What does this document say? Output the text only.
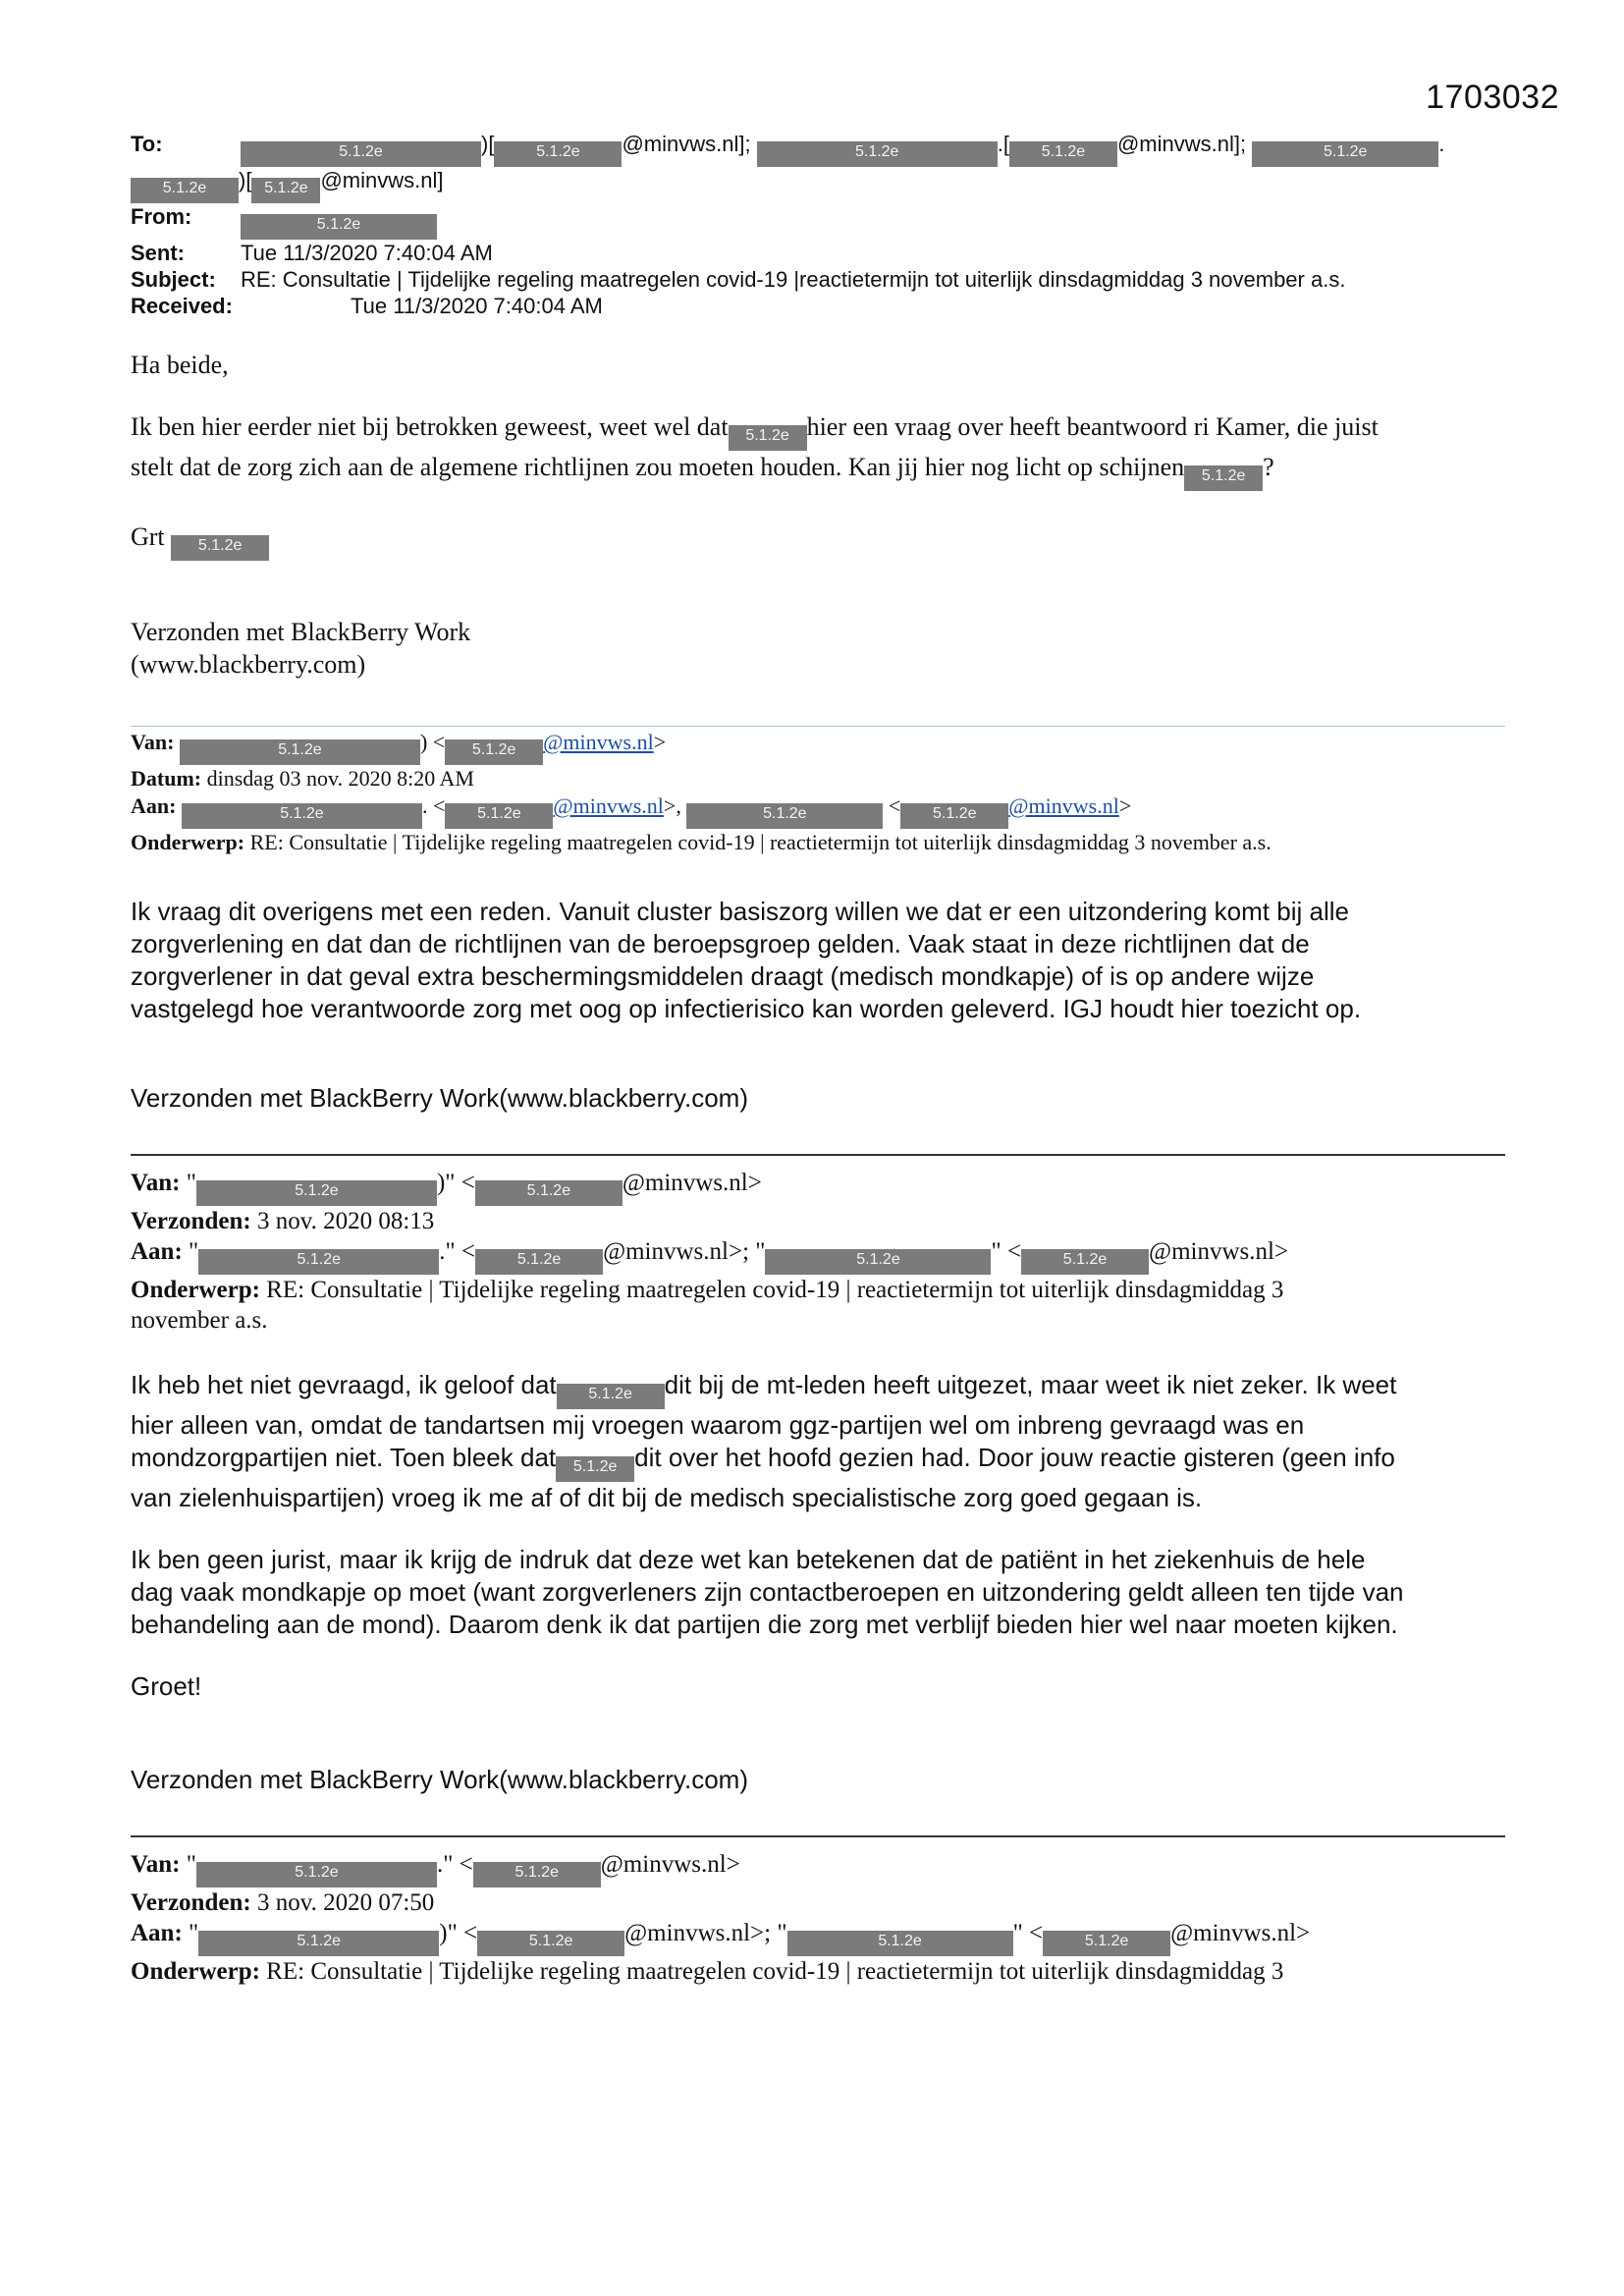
1703032
To:	5.1.2e	)[	5.1.2e @minvws.nl];	5.1.2e	.[ 5.1.2e @minvws.nl];	5.1.2e	.
5.1.2e )[ 5.1.2e @minvws.nl]
From:	5.1.2e
Sent:	Tue 11/3/2020 7:40:04 AM
Subject: RE: Consultatie | Tijdelijke regeling maatregelen covid-19 |reactietermijn tot uiterlijk dinsdagmiddag 3 november a.s.
Received:	Tue 11/3/2020 7:40:04 AM

Ha beide,

Ik ben hier eerder niet bij betrokken geweest, weet wel dat 5.1.2e hier een vraag over heeft beantwoord ri Kamer, die juist
stelt dat de zorg zich aan de algemene richtlijnen zou moeten houden. Kan jij hier nog licht op schijnen 5.1.2e ?

Grt 5.1.2e

Verzonden met BlackBerry Work

(www.blackberry.com)

Van:	5.1.2e	) < 5.1.2e @minvws.nl>
Datum: dinsdag 03 nov. 2020 8:20 AM
Aan:	5.1.2e	. < 5.1.2e @minvws.nl>,	5.1.2e	< 5.1.2e @minvws.nl>
Onderwerp: RE: Consultatie | Tijdelijke regeling maatregelen covid-19 | reactietermijn tot uiterlijk dinsdagmiddag 3 november a.s.

Ik vraag dit overigens met een reden. Vanuit cluster basiszorg willen we dat er een uitzondering komt bij alle

zorgverlening en dat dan de richtlijnen van de beroepsgroep gelden. Vaak staat in deze richtlijnen dat de

zorgverlener in dat geval extra beschermingsmiddelen draagt (medisch mondkapje) of is op andere wijze

vastgelegd hoe verantwoorde zorg met oog op infectierisico kan worden geleverd. IGJ houdt hier toezicht op.

Verzonden met BlackBerry Work(www.blackberry.com)

Van: "	5.1.2e	)" <	5.1.2e @minvws.nl>
Verzonden: 3 nov. 2020 08:13
Aan: "	5.1.2e	." <	5.1.2e @minvws.nl>; "	5.1.2e	" <	5.1.2e @minvws.nl>
Onderwerp: RE: Consultatie | Tijdelijke regeling maatregelen covid-19 | reactietermijn tot uiterlijk dinsdagmiddag 3
november a.s.

Ik heb het niet gevraagd, ik geloof dat 5.1.2e dit bij de mt-leden heeft uitgezet, maar weet ik niet zeker. Ik weet

hier alleen van, omdat de tandartsen mij vroegen waarom ggz-partijen wel om inbreng gevraagd was en

mondzorgpartijen niet. Toen bleek dat 5.1.2e dit over het hoofd gezien had. Door jouw reactie gisteren (geen info

van zielenhuispartijen) vroeg ik me af of dit bij de medisch specialistische zorg goed gegaan is.

Ik ben geen jurist, maar ik krijg de indruk dat deze wet kan betekenen dat de patiënt in het ziekenhuis de hele

dag vaak mondkapje op moet (want zorgverleners zijn contactberoepen en uitzondering geldt alleen ten tijde van

behandeling aan de mond). Daarom denk ik dat partijen die zorg met verblijf bieden hier wel naar moeten kijken.

Groet!

Verzonden met BlackBerry Work(www.blackberry.com)

Van: "	5.1.2e	." <	5.1.2e @minvws.nl>
Verzonden: 3 nov. 2020 07:50
Aan: "	5.1.2e	)" <	5.1.2e @minvws.nl>; "	5.1.2e	" <	5.1.2e @minvws.nl>
Onderwerp: RE: Consultatie | Tijdelijke regeling maatregelen covid-19 | reactietermijn tot uiterlijk dinsdagmiddag 3
